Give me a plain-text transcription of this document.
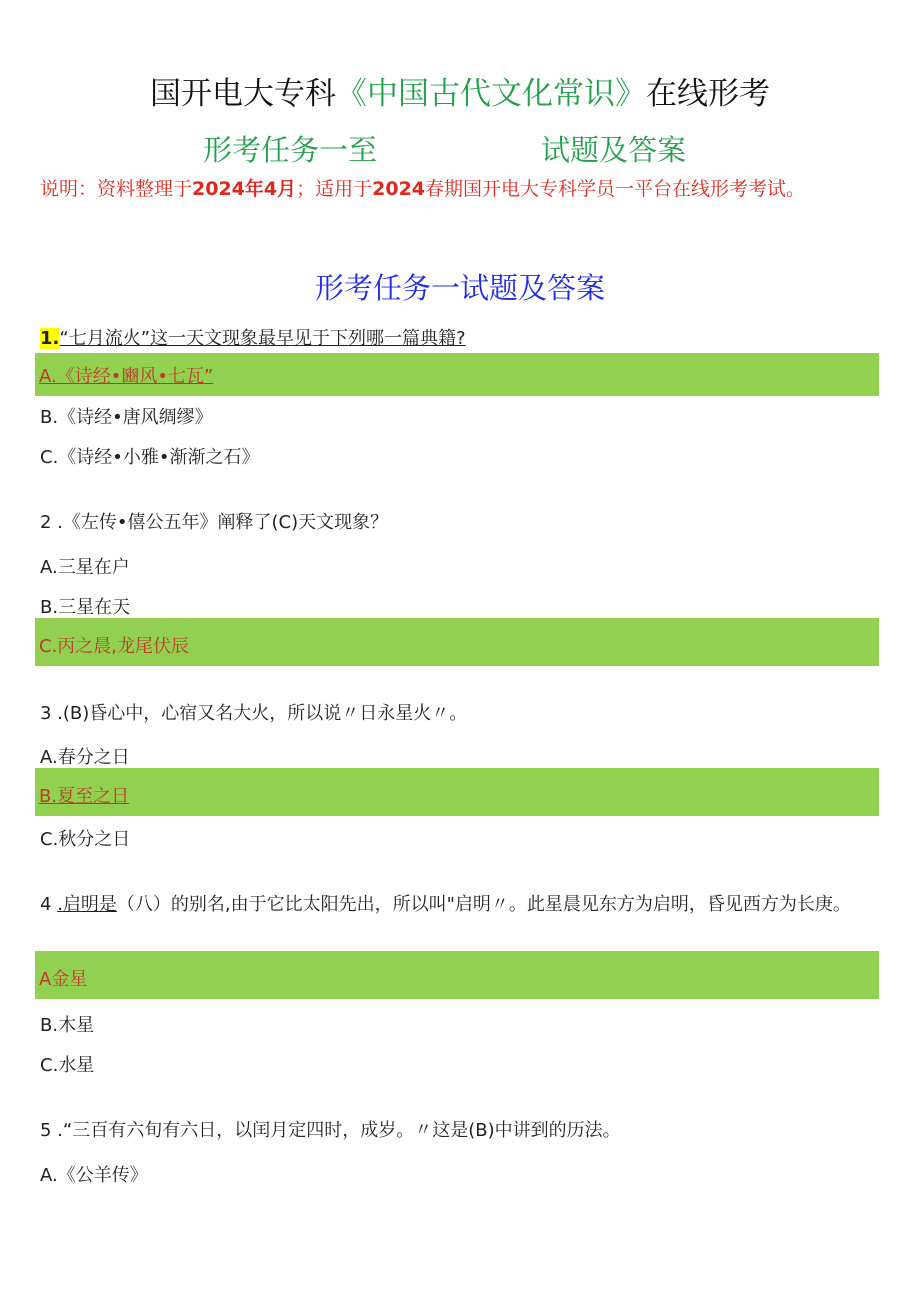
国开电大专科《中国古代文化常识》在线形考
形考任务一至	试题及答案
说明：资料整理于2024年4月；适用于2024春期国开电大专科学员一平台在线形考考试。
形考任务一试题及答案
1.“七月流火”这一天文现象最早见于下列哪一篇典籍?
A.《诗经•豳风•七瓦”
B.《诗经•唐风绸缪》
C.《诗经•小雅•渐渐之石》
2 .《左传•僖公五年》阐释了(C)天文现象？
A.三星在户
B.三星在天
C.丙之晨,龙尾伏辰
3 .(B)昏心中，心宿又名大火，所以说〃日永星火〃。
A.春分之日
B.夏至之日
C.秋分之日
4 .启明是（八）的别名,由于它比太阳先出，所以叫"启明〃。此星晨见东方为启明，昏见西方为长庚。
A金星
B.木星
C.水星
5 .“三百有六旬有六日，以闰月定四时，成岁。〃这是(B)中讲到的历法。
A.《公羊传》
